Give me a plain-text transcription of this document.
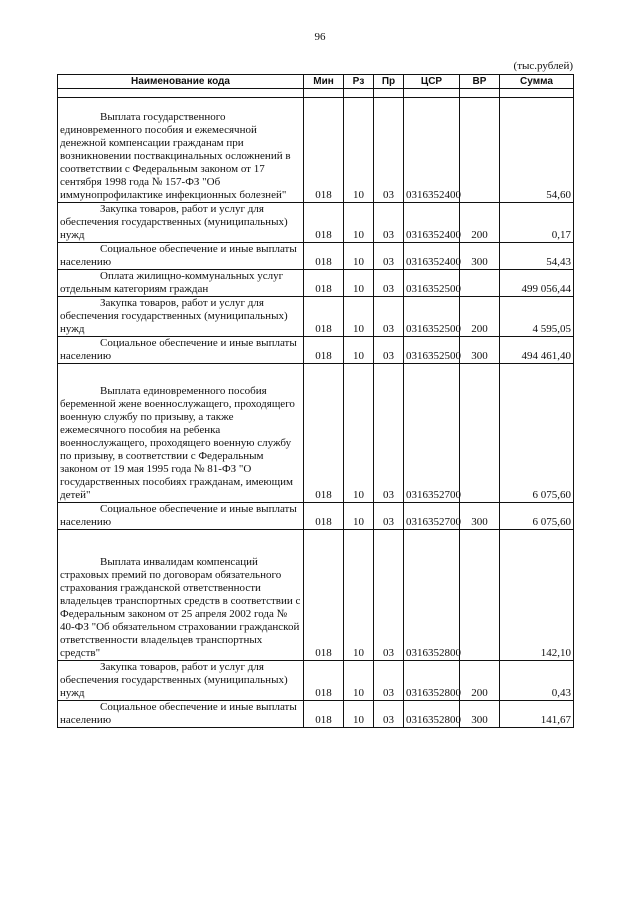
96
(тыс.рублей)
Наименование кода	Мин	Рз	Пр	ЦСР	ВР	Сумма

Выплата государственного единовременного пособия и ежемесячной денежной компенсации гражданам при возникновении поствакцинальных осложнений в соответствии с Федеральным законом от 17 сентября 1998 года № 157-ФЗ "Об иммунопрофилактике инфекционных болезней"	018	10	03	0316352400		54,60
Закупка товаров, работ и услуг для обеспечения государственных (муниципальных) нужд	018	10	03	0316352400	200	0,17
Социальное обеспечение и иные выплаты населению	018	10	03	0316352400	300	54,43
Оплата жилищно-коммунальных услуг отдельным категориям граждан	018	10	03	0316352500		499 056,44
Закупка товаров, работ и услуг для обеспечения государственных (муниципальных) нужд	018	10	03	0316352500	200	4 595,05
Социальное обеспечение и иные выплаты населению	018	10	03	0316352500	300	494 461,40
Выплата единовременного пособия беременной жене военнослужащего, проходящего военную службу по призыву, а также ежемесячного пособия на ребенка военнослужащего, проходящего военную службу по призыву, в соответствии с Федеральным законом от 19 мая 1995 года № 81-ФЗ "О государственных пособиях гражданам, имеющим детей"	018	10	03	0316352700		6 075,60
Социальное обеспечение и иные выплаты населению	018	10	03	0316352700	300	6 075,60
Выплата инвалидам компенсаций страховых премий по договорам обязательного страхования гражданской ответственности владельцев транспортных средств в соответствии с Федеральным законом от 25 апреля 2002 года № 40-ФЗ "Об обязательном страховании гражданской ответственности владельцев транспортных средств"	018	10	03	0316352800		142,10
Закупка товаров, работ и услуг для обеспечения государственных (муниципальных) нужд	018	10	03	0316352800	200	0,43
Социальное обеспечение и иные выплаты населению	018	10	03	0316352800	300	141,67
